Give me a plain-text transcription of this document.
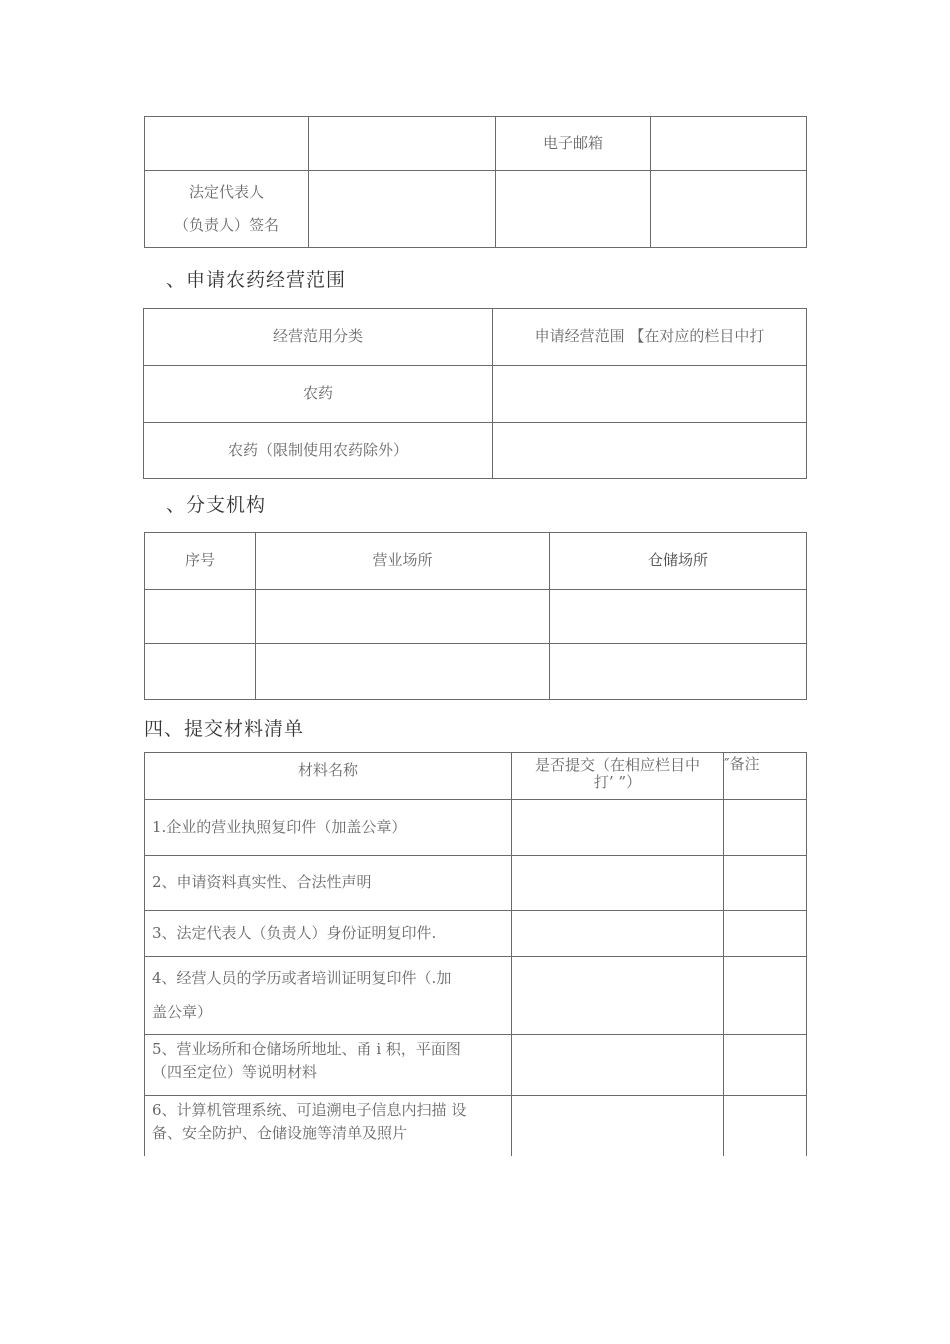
		电子邮箱	

法定代表人
（负责人）签名			

、申请农药经营范围
经营范用分类	申请经营范围 【在对应的栏目中打
农药	
农药（限制使用农药除外）	
、分支机构
序号	营业场所	仓储场所

四、提交材料清单
材料名称	是否提交（在相应栏目中
打’ ”）	″备注
1.企业的营业执照复印件（加盖公章）		
2、申请资料真实性、合法性声明		
3、法定代表人（负责人）身份证明复印件.		

4、经营人员的学历或者培训证明复印件（.加
盖公章）		

5、营业场所和仓储场所地址、甬 i 积，平面图
（四至定位）等说明材料		

6、计算机管理系统、可追溯电子信息内扫描 设
备、安全防护、仓储设施等清单及照片		
